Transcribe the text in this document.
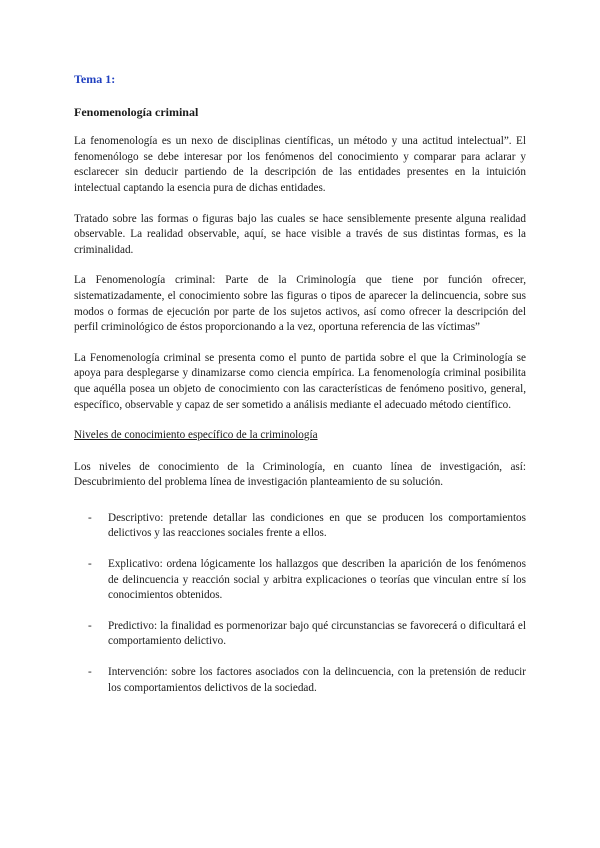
Tema 1:
Fenomenología criminal

La fenomenología es un nexo de disciplinas científicas, un método y una actitud intelectual”. El fenomenólogo se debe interesar por los fenómenos del conocimiento y comparar para aclarar y esclarecer sin deducir partiendo de la descripción de las entidades presentes en la intuición intelectual captando la esencia pura de dichas entidades.

Tratado sobre las formas o figuras bajo las cuales se hace sensiblemente presente alguna realidad observable. La realidad observable, aquí, se hace visible a través de sus distintas formas, es la criminalidad.

La Fenomenología criminal: Parte de la Criminología que tiene por función ofrecer, sistematizadamente, el conocimiento sobre las figuras o tipos de aparecer la delincuencia, sobre sus modos o formas de ejecución por parte de los sujetos activos, así como ofrecer la descripción del perfil criminológico de éstos proporcionando a la vez, oportuna referencia de las víctimas”

La Fenomenología criminal se presenta como el punto de partida sobre el que la Criminología se apoya para desplegarse y dinamizarse como ciencia empírica. La fenomenología criminal posibilita que aquélla posea un objeto de conocimiento con las características de fenómeno positivo, general, específico, observable y capaz de ser sometido a análisis mediante el adecuado método científico.

Niveles de conocimiento específico de la criminología

Los niveles de conocimiento de la Criminología, en cuanto línea de investigación, así: Descubrimiento del problema línea de investigación planteamiento de su solución.

-	Descriptivo: pretende detallar las condiciones en que se producen los comportamientos delictivos y las reacciones sociales frente a ellos.
-	Explicativo: ordena lógicamente los hallazgos que describen la aparición de los fenómenos de delincuencia y reacción social y arbitra explicaciones o teorías que vinculan entre sí los conocimientos obtenidos.
-	Predictivo: la finalidad es pormenorizar bajo qué circunstancias se favorecerá o dificultará el comportamiento delictivo.
-	Intervención: sobre los factores asociados con la delincuencia, con la pretensión de reducir los comportamientos delictivos de la sociedad.
